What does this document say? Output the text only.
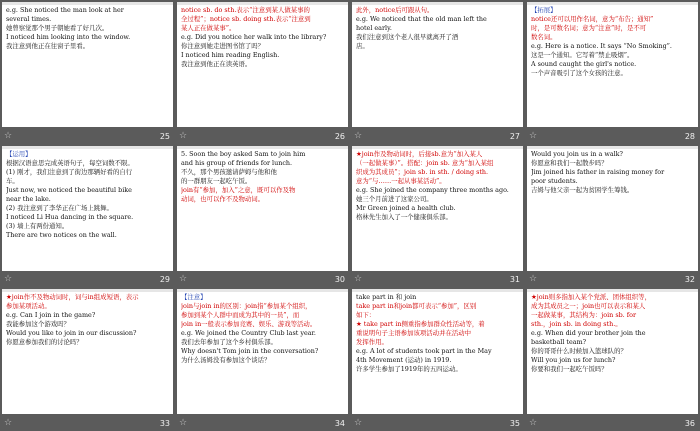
e.g. She noticed the man look at her
several times.
她曾察觉那个男子朝她看了好几次。
I noticed him looking into the window.
我注意到他正在往窗子里看。
☆	25
notice sb. do sth.表示“注意到某人做某事的
全过程”；notice sb. doing sth.表示“注意到
某人正在做某事”。
e.g. Did you notice her walk into the library?
你注意到她走进图书馆了吗？
I noticed him reading English.
我注意到他正在读英语。
☆	26
此外，notice后可跟从句。
e.g. We noticed that the old man left the
hotel early.
我们注意到这个老人很早就离开了酒
店。
☆	27
【拓展】
notice还可以用作名词，意为“布告；通知”
时，是可数名词；意为“注意”时，是不可
数名词。
e.g. Here is a notice. It says “No Smoking”.
这是一个通知。它写着“禁止吸烟”。
A sound caught the girl's notice.
一个声音吸引了这个女孩的注意。
☆	28
【运用】
根据汉语意思完成英语句子，每空词数不限。
(1) 刚才，我们注意到了街边那辆好看的自行
车。
Just now, we noticed the beautiful bike
near the lake.
(2) 我注意到了李华正在广场上跳舞。
I noticed Li Hua dancing in the square.
(3) 墙上有两份通知。
There are two notices on the wall.
☆	29
5. Soon the boy asked Sam to join him
and his group of friends for lunch.
不久，那个男孩邀请萨姆与他和他
的一群朋友一起吃午饭。
join有“参加，加入”之意，既可以作及物
动词，也可以作不及物动词。
☆	30
★join作及物动词时，后接sb.意为“加入某人
（一起做某事）”。搭配：join sb. 意为“加入某组
织成为其成员”；join sb. in sth. / doing sth.
意为“与……一起从事某活动”。
e.g. She joined the company three months ago.
她三个月前进了这家公司。
Mr Green joined a health club.
格林先生加入了一个健康俱乐部。
☆	31
Would you join us in a walk?
你愿意和我们一起散步吗？
Jim joined his father in raising money for
poor students.
吉姆与他父亲一起为贫困学生筹钱。
☆	32
★join作不及物动词时，词与in组成短语，表示
参加某项活动。
e.g. Can I join in the game?
我能参加这个游戏吗？
Would you like to join in our discussion?
你愿意参加我们的讨论吗？
☆	33
【注意】
join与join in的区别：join指“参加某个组织，
参加到某个人群中而成为其中的一员”，而
join in一般表示参加竞赛、娱乐、游戏等活动。
e.g. We joined the Country Club last year.
我们去年参加了这个乡村俱乐部。
Why doesn't Tom join in the conversation?
为什么汤姆没有参加这个谈话？
☆	34
take part in 和 join
take part in和join都可表示“参加”，区别
如下：
★ take part in侧重指参加群众性活动等，着
重说明句子主语参加该项活动并在活动中
发挥作用。
e.g. A lot of students took part in the May
4th Movement (运动) in 1919.
许多学生参加了1919年的五四运动。
☆	35
★join则多指加入某个党派、团体组织等，
成为其成员之一；join也可以表示和某人
一起做某事，其结构为：join sb. for
sth.，join sb. in doing sth.。
e.g. When did your brother join the
basketball team?
你的哥哥什么时候加入篮球队的？
Will you join us for lunch?
你要和我们一起吃午饭吗？
☆	36
